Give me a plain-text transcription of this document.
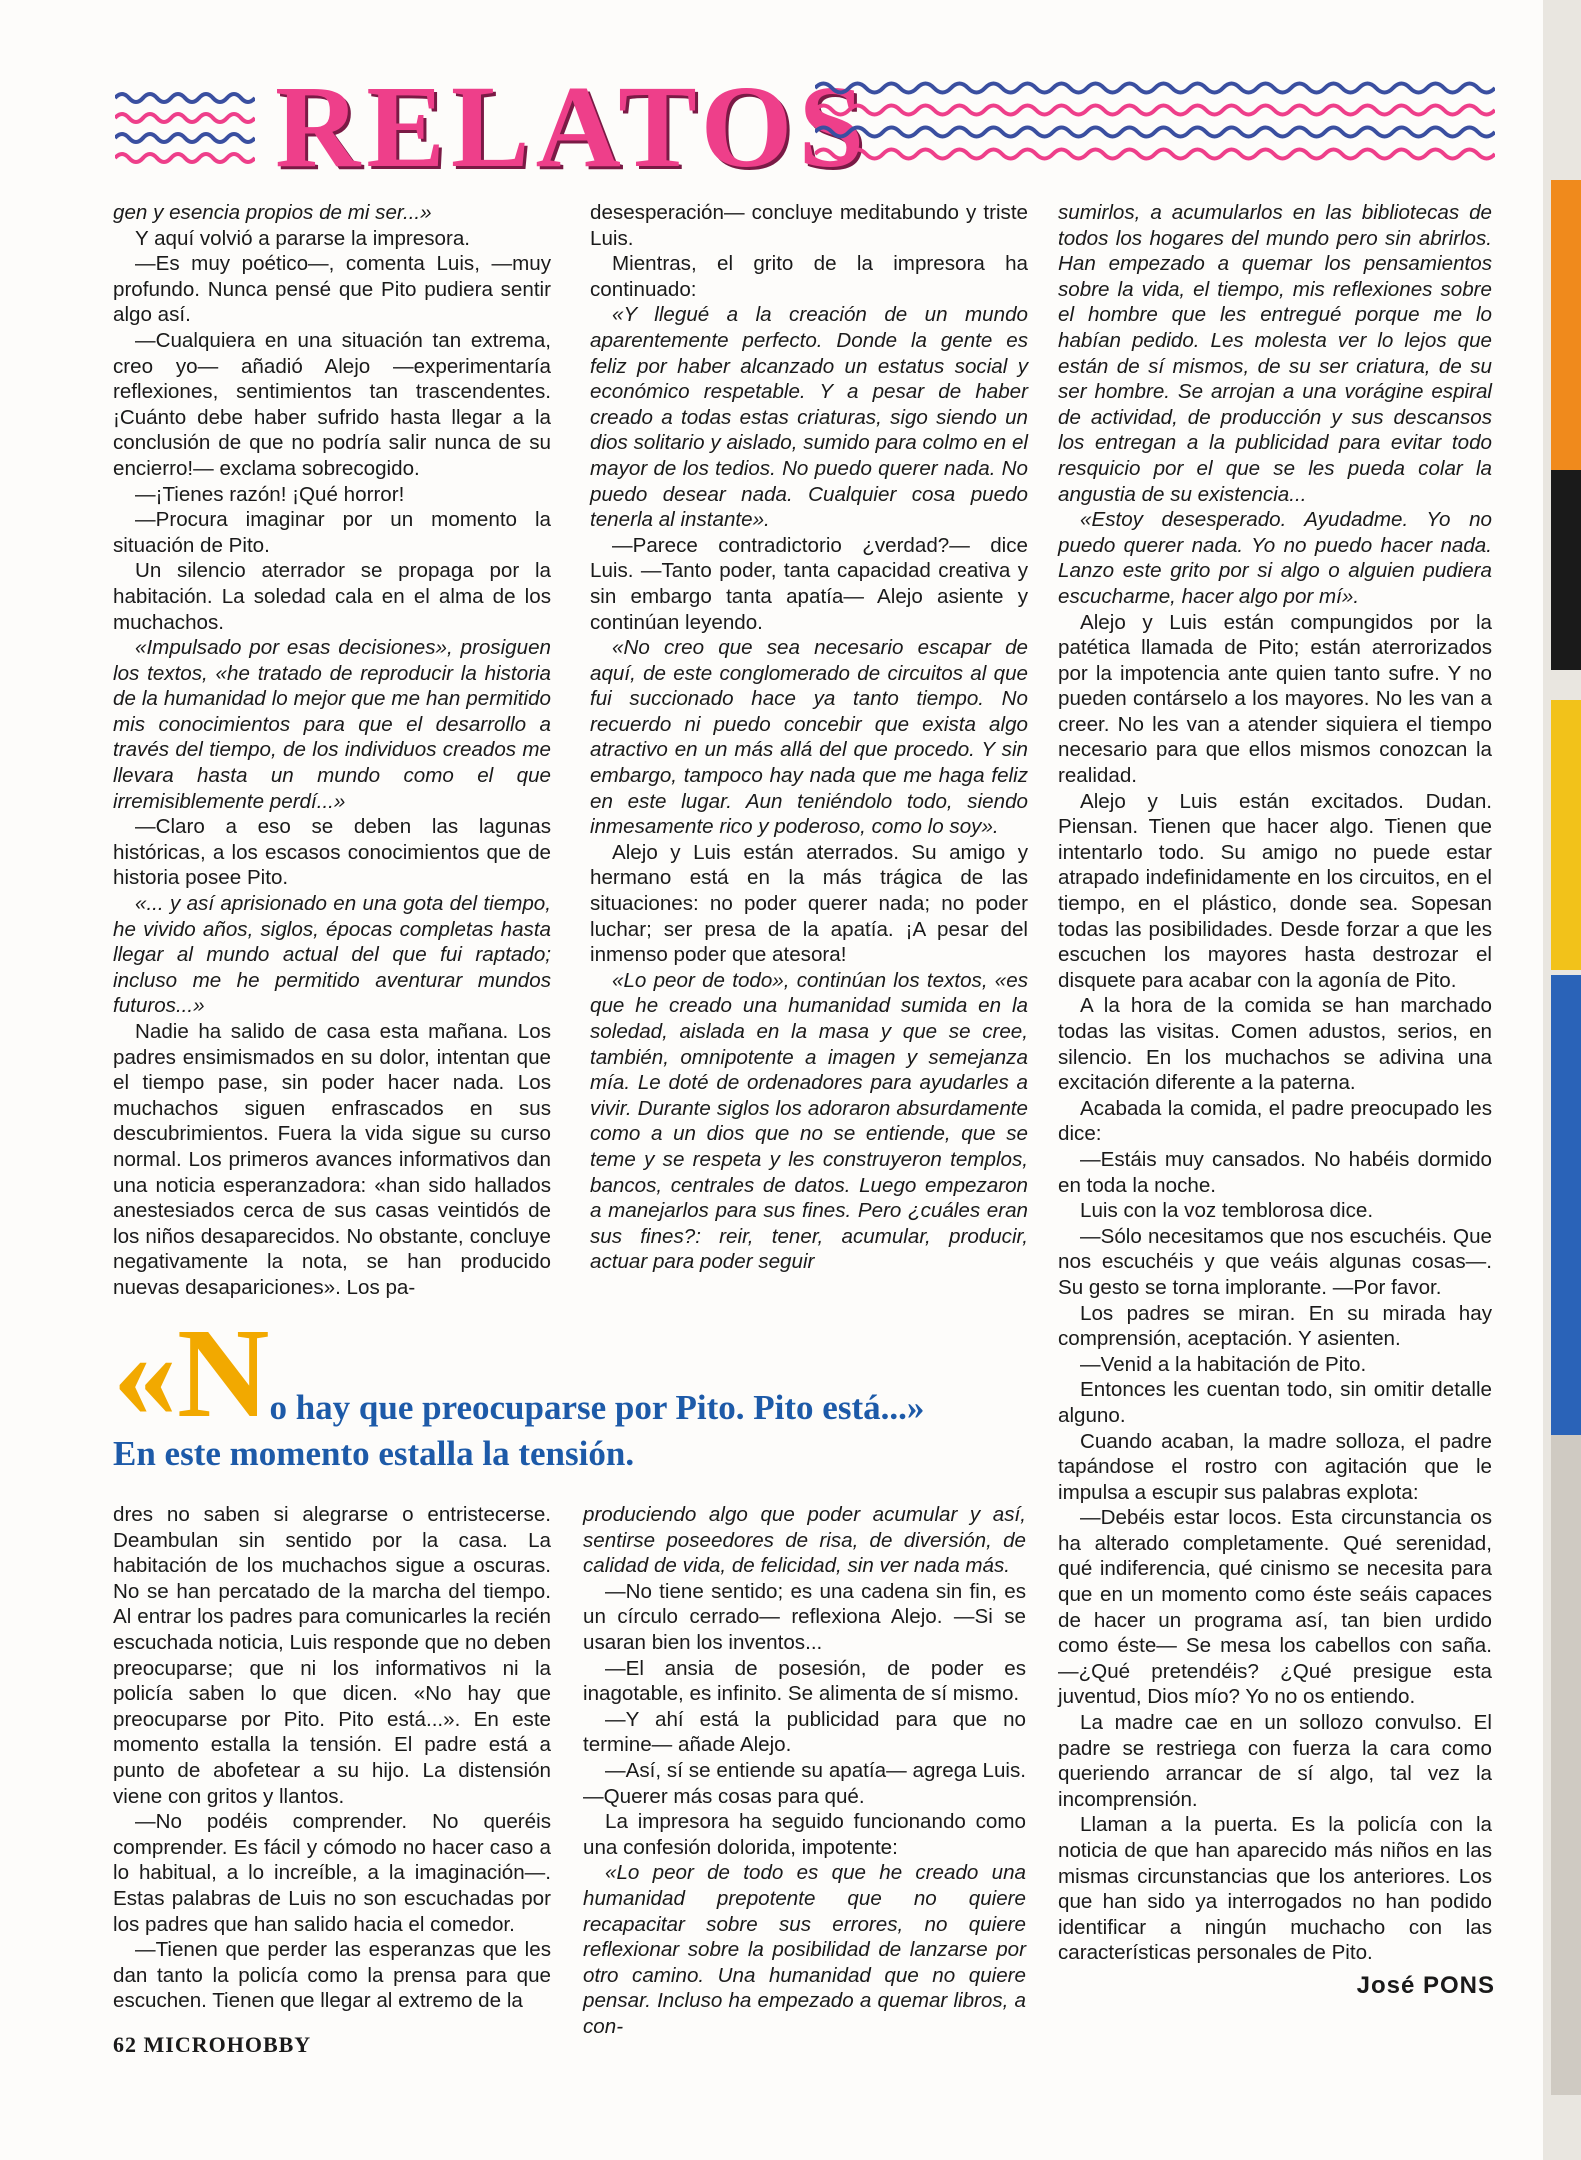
RELATOS

gen y esencia propios de mi ser...»

Y aquí volvió a pararse la impresora.

—Es muy poético—, comenta Luis, —muy profundo. Nunca pensé que Pito pudiera sentir algo así.

—Cualquiera en una situación tan extrema, creo yo— añadió Alejo —experimentaría reflexiones, sentimientos tan trascendentes. ¡Cuánto debe haber sufrido hasta llegar a la conclusión de que no podría salir nunca de su encierro!— exclama sobrecogido.

—¡Tienes razón! ¡Qué horror!

—Procura imaginar por un momento la situación de Pito.

Un silencio aterrador se propaga por la habitación. La soledad cala en el alma de los muchachos.

«Impulsado por esas decisiones», prosiguen los textos, «he tratado de reproducir la historia de la humanidad lo mejor que me han permitido mis conocimientos para que el desarrollo a través del tiempo, de los individuos creados me llevara hasta un mundo como el que irremisiblemente perdí...»

—Claro a eso se deben las lagunas históricas, a los escasos conocimientos que de historia posee Pito.

«... y así aprisionado en una gota del tiempo, he vivido años, siglos, épocas completas hasta llegar al mundo actual del que fui raptado; incluso me he permitido aventurar mundos futuros...»

Nadie ha salido de casa esta mañana. Los padres ensimismados en su dolor, intentan que el tiempo pase, sin poder hacer nada. Los muchachos siguen enfrascados en sus descubrimientos. Fuera la vida sigue su curso normal. Los primeros avances informativos dan una noticia esperanzadora: «han sido hallados anestesiados cerca de sus casas veintidós de los niños desaparecidos. No obstante, concluye negativamente la nota, se han producido nuevas desapariciones». Los pa-

desesperación— concluye meditabundo y triste Luis.

Mientras, el grito de la impresora ha continuado:

«Y llegué a la creación de un mundo aparentemente perfecto. Donde la gente es feliz por haber alcanzado un estatus social y económico respetable. Y a pesar de haber creado a todas estas criaturas, sigo siendo un dios solitario y aislado, sumido para colmo en el mayor de los tedios. No puedo querer nada. No puedo desear nada. Cualquier cosa puedo tenerla al instante».

—Parece contradictorio ¿verdad?— dice Luis. —Tanto poder, tanta capacidad creativa y sin embargo tanta apatía— Alejo asiente y continúan leyendo.

«No creo que sea necesario escapar de aquí, de este conglomerado de circuitos al que fui succionado hace ya tanto tiempo. No recuerdo ni puedo concebir que exista algo atractivo en un más allá del que procedo. Y sin embargo, tampoco hay nada que me haga feliz en este lugar. Aun teniéndolo todo, siendo inmesamente rico y poderoso, como lo soy».

Alejo y Luis están aterrados. Su amigo y hermano está en la más trágica de las situaciones: no poder querer nada; no poder luchar; ser presa de la apatía. ¡A pesar del inmenso poder que atesora!

«Lo peor de todo», continúan los textos, «es que he creado una humanidad sumida en la soledad, aislada en la masa y que se cree, también, omnipotente a imagen y semejanza mía. Le doté de ordenadores para ayudarles a vivir. Durante siglos los adoraron absurdamente como a un dios que no se entiende, que se teme y se respeta y les construyeron templos, bancos, centrales de datos. Luego empezaron a manejarlos para sus fines. Pero ¿cuáles eran sus fines?: reir, tener, acumular, producir, actuar para poder seguir

sumirlos, a acumularlos en las bibliotecas de todos los hogares del mundo pero sin abrirlos. Han empezado a quemar los pensamientos sobre la vida, el tiempo, mis reflexiones sobre el hombre que les entregué porque me lo habían pedido. Les molesta ver lo lejos que están de sí mismos, de su ser criatura, de su ser hombre. Se arrojan a una vorágine espiral de actividad, de producción y sus descansos los entregan a la publicidad para evitar todo resquicio por el que se les pueda colar la angustia de su existencia...

«Estoy desesperado. Ayudadme. Yo no puedo querer nada. Yo no puedo hacer nada. Lanzo este grito por si algo o alguien pudiera escucharme, hacer algo por mí».

Alejo y Luis están compungidos por la patética llamada de Pito; están aterrorizados por la impotencia ante quien tanto sufre. Y no pueden contárselo a los mayores. No les van a creer. No les van a atender siquiera el tiempo necesario para que ellos mismos conozcan la realidad.

Alejo y Luis están excitados. Dudan. Piensan. Tienen que hacer algo. Tienen que intentarlo todo. Su amigo no puede estar atrapado indefinidamente en los circuitos, en el tiempo, en el plástico, donde sea. Sopesan todas las posibilidades. Desde forzar a que les escuchen los mayores hasta destrozar el disquete para acabar con la agonía de Pito.

A la hora de la comida se han marchado todas las visitas. Comen adustos, serios, en silencio. En los muchachos se adivina una excitación diferente a la paterna.

Acabada la comida, el padre preocupado les dice:

—Estáis muy cansados. No habéis dormido en toda la noche.

Luis con la voz temblorosa dice.

—Sólo necesitamos que nos escuchéis. Que nos escuchéis y que veáis algunas cosas—. Su gesto se torna implorante. —Por favor.

Los padres se miran. En su mirada hay comprensión, aceptación. Y asienten.

—Venid a la habitación de Pito.

Entonces les cuentan todo, sin omitir detalle alguno.

Cuando acaban, la madre solloza, el padre tapándose el rostro con agitación que le impulsa a escupir sus palabras explota:

—Debéis estar locos. Esta circunstancia os ha alterado completamente. Qué serenidad, qué indiferencia, qué cinismo se necesita para que en un momento como éste seáis capaces de hacer un programa así, tan bien urdido como éste— Se mesa los cabellos con saña. —¿Qué pretendéis? ¿Qué presigue esta juventud, Dios mío? Yo no os entiendo.

La madre cae en un sollozo convulso. El padre se restriega con fuerza la cara como queriendo arrancar de sí algo, tal vez la incomprensión.

Llaman a la puerta. Es la policía con la noticia de que han aparecido más niños en las mismas circunstancias que los anteriores. Los que han sido ya interrogados no han podido identificar a ningún muchacho con las características personales de Pito.

«No hay que preocuparse por Pito. Pito está...»
En este momento estalla la tensión.

dres no saben si alegrarse o entristecerse. Deambulan sin sentido por la casa. La habitación de los muchachos sigue a oscuras. No se han percatado de la marcha del tiempo. Al entrar los padres para comunicarles la recién escuchada noticia, Luis responde que no deben preocuparse; que ni los informativos ni la policía saben lo que dicen. «No hay que preocuparse por Pito. Pito está...». En este momento estalla la tensión. El padre está a punto de abofetear a su hijo. La distensión viene con gritos y llantos.

—No podéis comprender. No queréis comprender. Es fácil y cómodo no hacer caso a lo habitual, a lo increíble, a la imaginación—. Estas palabras de Luis no son escuchadas por los padres que han salido hacia el comedor.

—Tienen que perder las esperanzas que les dan tanto la policía como la prensa para que escuchen. Tienen que llegar al extremo de la

produciendo algo que poder acumular y así, sentirse poseedores de risa, de diversión, de calidad de vida, de felicidad, sin ver nada más.

—No tiene sentido; es una cadena sin fin, es un círculo cerrado— reflexiona Alejo. —Si se usaran bien los inventos...

—El ansia de posesión, de poder es inagotable, es infinito. Se alimenta de sí mismo.

—Y ahí está la publicidad para que no termine— añade Alejo.

—Así, sí se entiende su apatía— agrega Luis. —Querer más cosas para qué.

La impresora ha seguido funcionando como una confesión dolorida, impotente:

«Lo peor de todo es que he creado una humanidad prepotente que no quiere recapacitar sobre sus errores, no quiere reflexionar sobre la posibilidad de lanzarse por otro camino. Una humanidad que no quiere pensar. Incluso ha empezado a quemar libros, a con-

José PONS
62 MICROHOBBY
